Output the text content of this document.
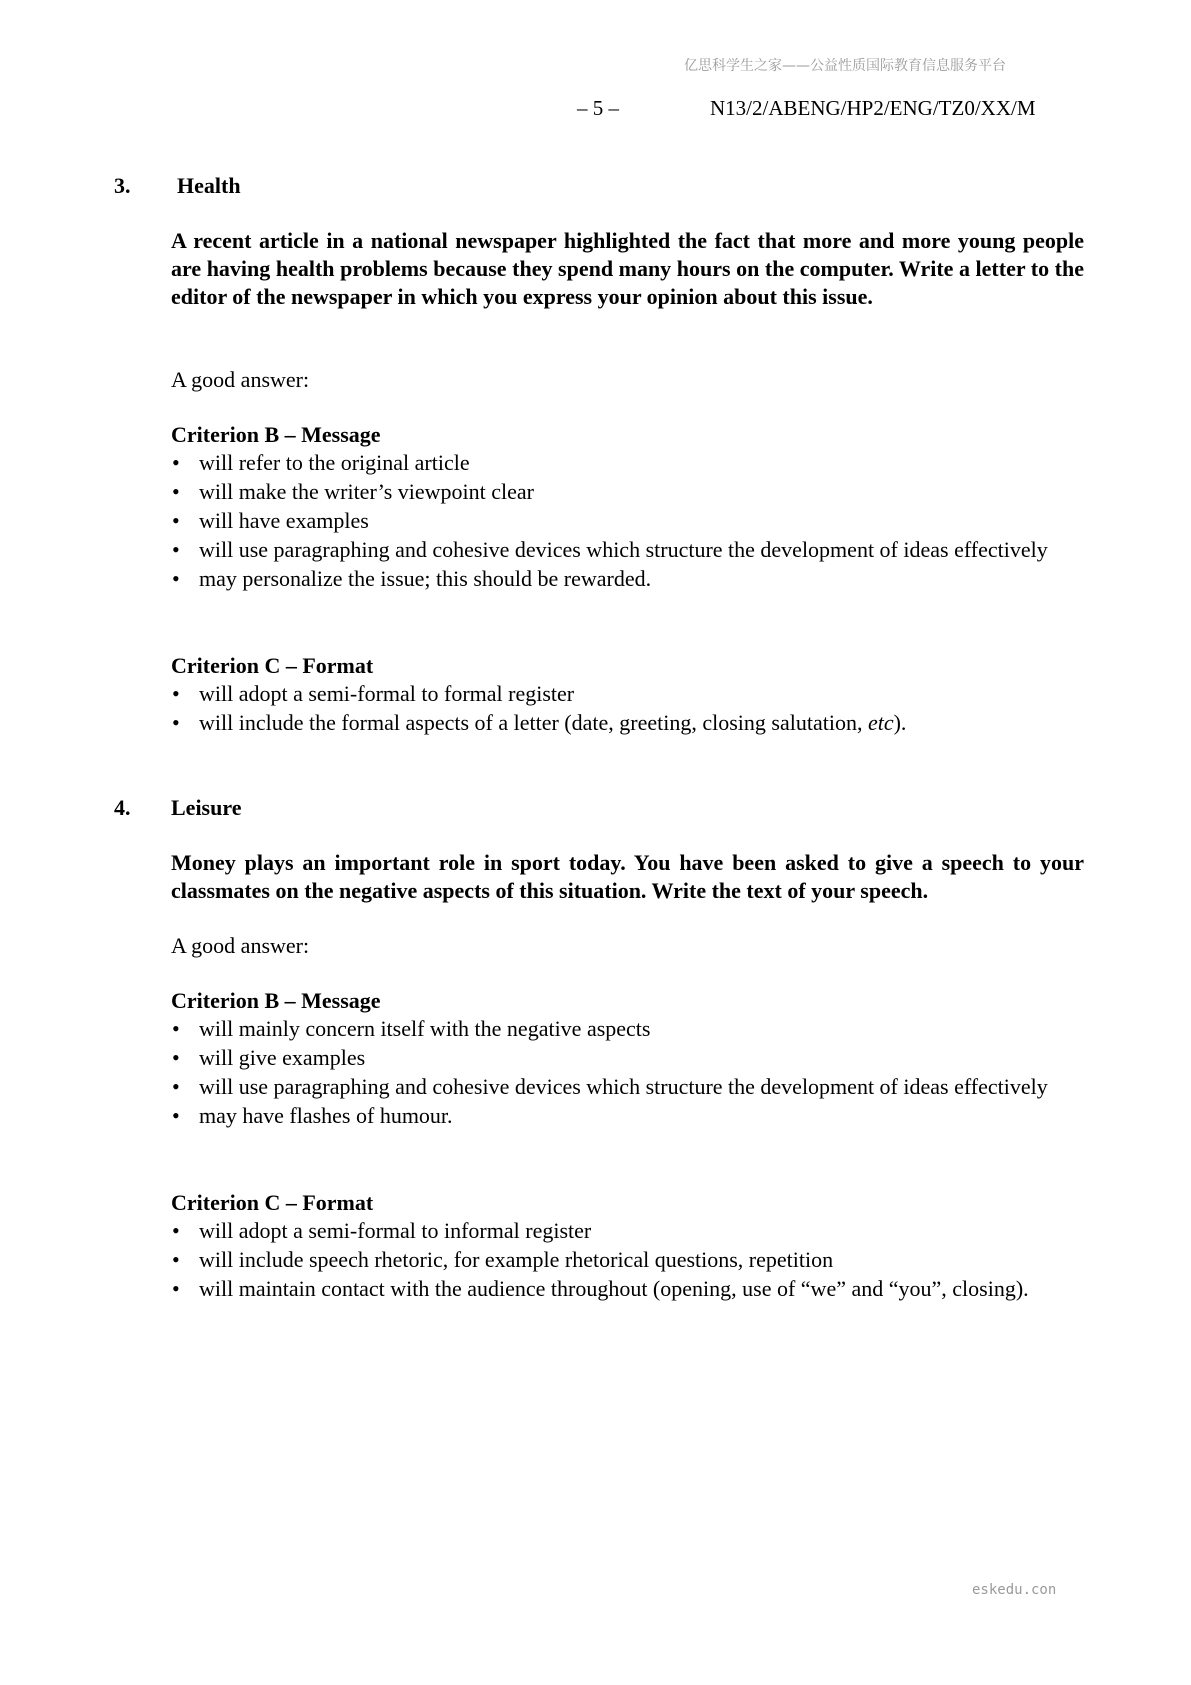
亿思科学生之家——公益性质国际教育信息服务平台
– 5 –	N13/2/ABENG/HP2/ENG/TZ0/XX/M
3. Health
A recent article in a national newspaper highlighted the fact that more and more young people are having health problems because they spend many hours on the computer. Write a letter to the editor of the newspaper in which you express your opinion about this issue.
A good answer:
Criterion B – Message
• will refer to the original article
• will make the writer’s viewpoint clear
• will have examples
• will use paragraphing and cohesive devices which structure the development of ideas effectively
• may personalize the issue; this should be rewarded.
Criterion C – Format
• will adopt a semi-formal to formal register
• will include the formal aspects of a letter (date, greeting, closing salutation, etc).
4. Leisure
Money plays an important role in sport today. You have been asked to give a speech to your classmates on the negative aspects of this situation. Write the text of your speech.
A good answer:
Criterion B – Message
• will mainly concern itself with the negative aspects
• will give examples
• will use paragraphing and cohesive devices which structure the development of ideas effectively
• may have flashes of humour.
Criterion C – Format
• will adopt a semi-formal to informal register
• will include speech rhetoric, for example rhetorical questions, repetition
• will maintain contact with the audience throughout (opening, use of “we” and “you”, closing).
eskedu.con
